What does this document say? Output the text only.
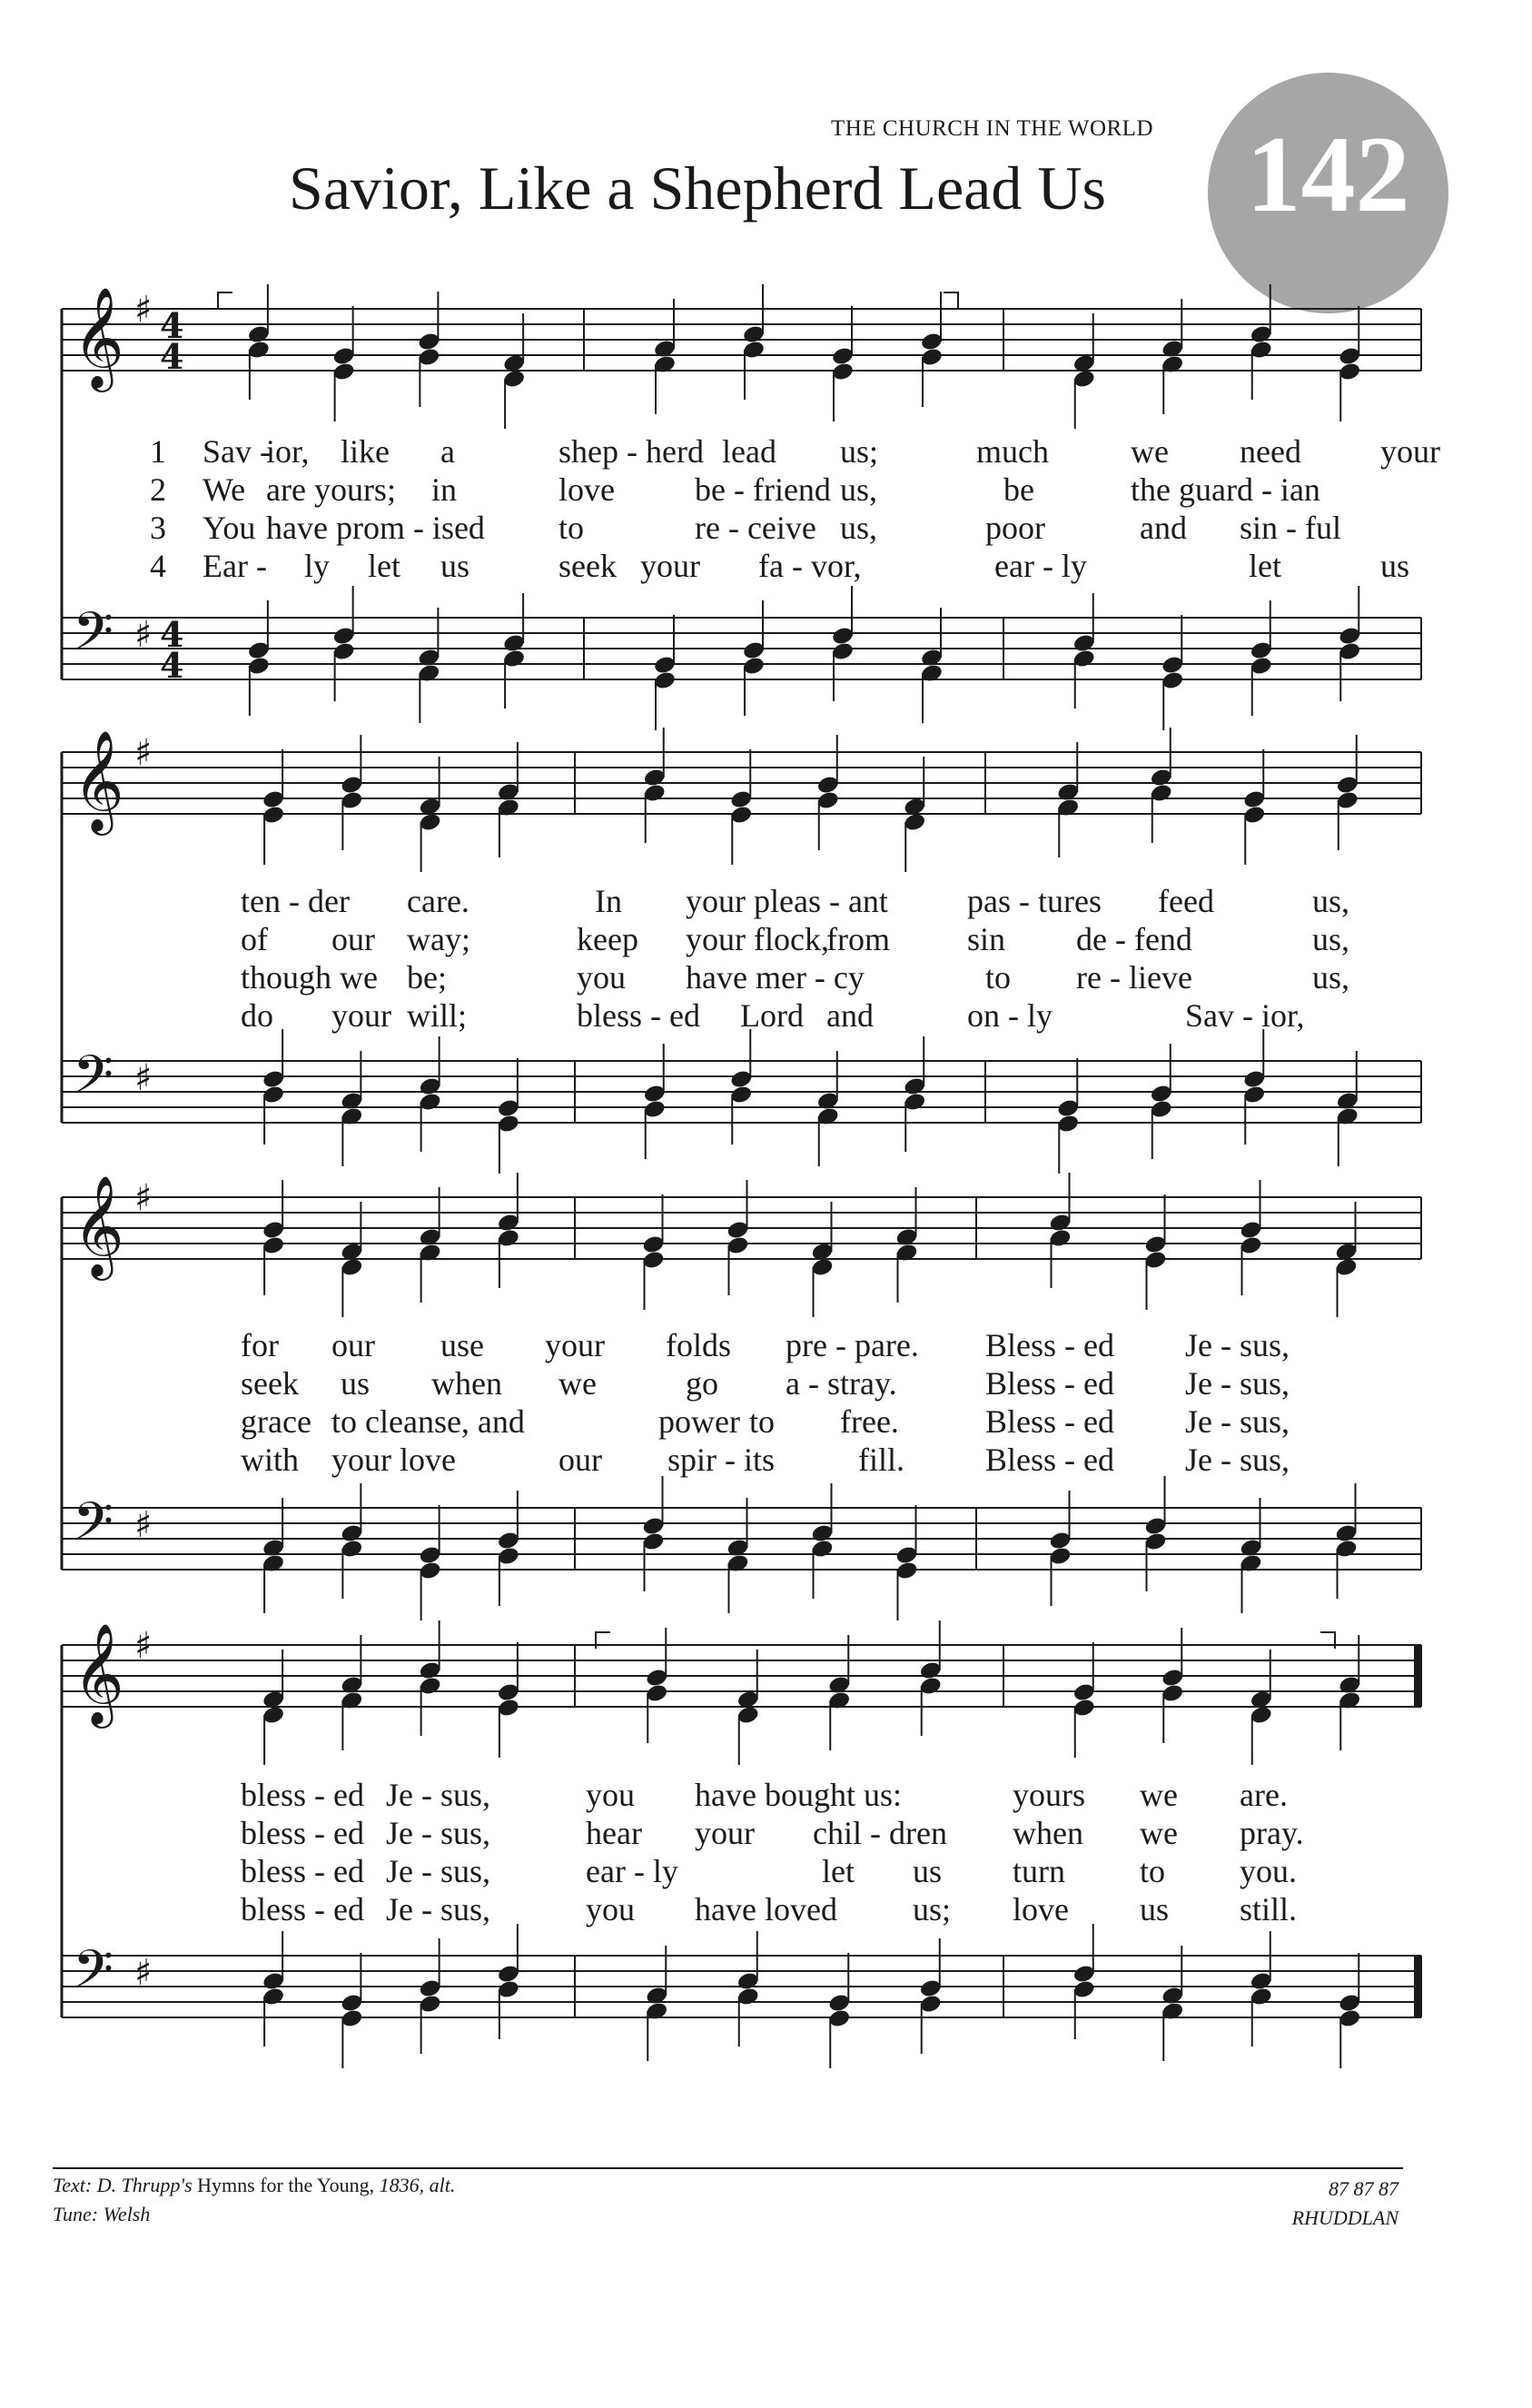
THE CHURCH IN THE WORLD
Savior, Like a Shepherd Lead Us	142
𝄞 ♯ 4
4
𝄢 ♯ 4
4
𝄞 ♯
𝄢 ♯
𝄞 ♯
𝄢 ♯
𝄞 ♯
𝄢 ♯
1 Sav -
ior, like a	shep - herd lead us;	much	we need your
2 We are yours; in	love be - friend us,	be	the guard - ian
3 You have prom - ised to	re - ceive us,	poor	and sin - ful
4 Ear - ly let us	seek your fa - vor,	ear - ly	let	us
ten - der care.	In your pleas - ant pas - tures feed	us,
of our way;	keep your flock,
from sin de - fend	us,
though we be;	you have mer - cy	to re - lieve	us,
do your will;	bless - ed Lord and	on - ly	Sav - ior,
for our use your folds pre - pare. Bless - ed Je - sus,
seek us when we	go a - stray.	Bless - ed Je - sus,
grace to cleanse, and	power to free.	Bless - ed Je - sus,
with your love	our spir - its	fill. Bless - ed Je - sus,
bless - ed Je - sus,	you have bought us:	yours we are.
bless - ed Je - sus,	hear your chil - dren when we pray.
bless - ed Je - sus,	ear - ly	let us turn to you.
bless - ed Je - sus,	you have loved us; love us still.
Text: D. Thrupp's Hymns for the Young, 1836, alt.
Tune: Welsh
87 87 87
RHUDDLAN
